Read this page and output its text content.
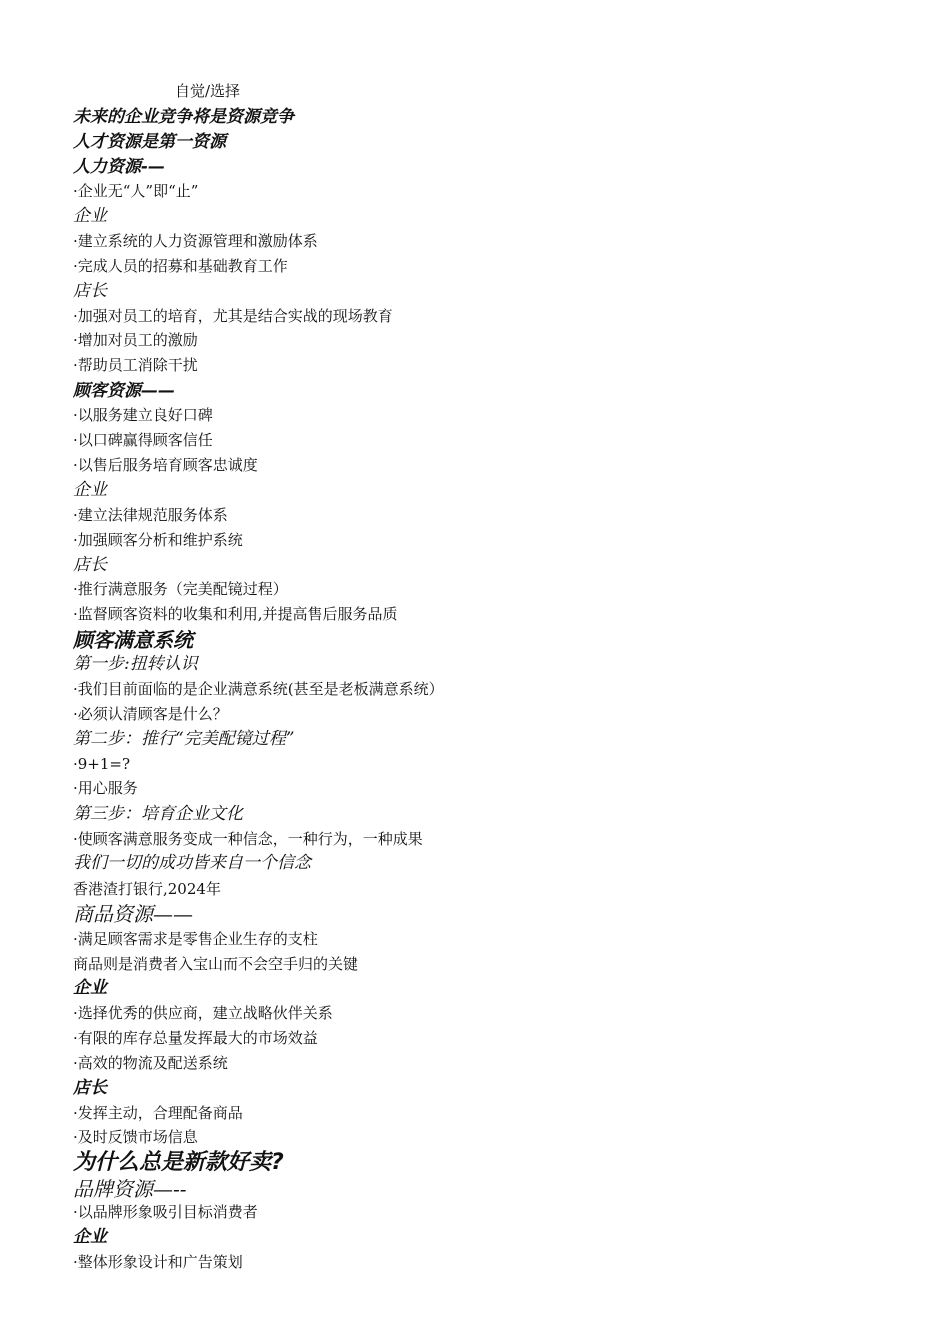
自觉/选择
未来的企业竞争将是资源竞争
人才资源是第一资源
人力资源-—
·企业无“人”即“止”
企业
·建立系统的人力资源管理和激励体系
·完成人员的招募和基础教育工作
店长
·加强对员工的培育，尤其是结合实战的现场教育
·增加对员工的激励
·帮助员工消除干扰
顾客资源——
·以服务建立良好口碑
·以口碑赢得顾客信任
·以售后服务培育顾客忠诚度
企业
·建立法律规范服务体系
·加强顾客分析和维护系统
店长
·推行满意服务（完美配镜过程）
·监督顾客资料的收集和利用,并提高售后服务品质
顾客满意系统
第一步:扭转认识
·我们目前面临的是企业满意系统(甚至是老板满意系统）
·必须认清顾客是什么？
第二步：推行“完美配镜过程”
·9+1=?
·用心服务
第三步：培育企业文化
·使顾客满意服务变成一种信念，一种行为，一种成果
我们一切的成功皆来自一个信念
香港渣打银行,2024年
商品资源——
·满足顾客需求是零售企业生存的支柱
商品则是消费者入宝山而不会空手归的关键
企业
·选择优秀的供应商，建立战略伙伴关系
·有限的库存总量发挥最大的市场效益
·高效的物流及配送系统
店长
·发挥主动，合理配备商品
·及时反馈市场信息
为什么总是新款好卖?
品牌资源—--
·以品牌形象吸引目标消费者
企业
·整体形象设计和广告策划
